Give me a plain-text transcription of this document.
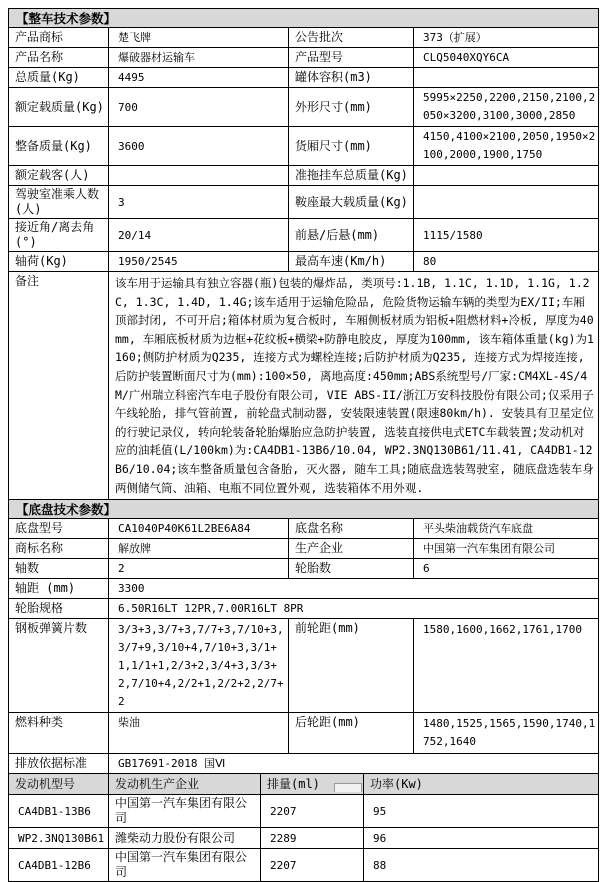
【整车技术参数】			
产品商标	楚飞牌	公告批次	373（扩展）
产品名称	爆破器材运输车	产品型号	CLQ5040XQY6CA
总质量(Kg)	4495	罐体容积(m3)	
额定载质量(Kg)	700	外形尺寸(mm)	5995×2250,2200,2150,2100,2050×3200,3100,3000,2850
整备质量(Kg)	3600	货厢尺寸(mm)	4150,4100×2100,2050,1950×2100,2000,1900,1750
额定载客(人)		准拖挂车总质量(Kg)	
驾驶室准乘人数(人)	3	鞍座最大载质量(Kg)	
接近角/离去角(°)	20/14	前悬/后悬(mm)	1115/1580
轴荷(Kg)	1950/2545	最高车速(Km/h)	80
备注	该车用于运输具有独立容器(瓶)包装的爆炸品, 类项号:1.1B, 1.1C, 1.1D, 1.1G, 1.2C, 1.3C, 1.4D, 1.4G;该车适用于运输危险品, 危险货物运输车辆的类型为EX/II;车厢顶部封闭, 不可开启;箱体材质为复合板时, 车厢侧板材质为铝板+阻燃材料+冷板, 厚度为40mm, 车厢底板材质为边框+花纹板+横梁+防静电胶皮, 厚度为100mm, 该车箱体重量(kg)为1160;侧防护材质为Q235, 连接方式为螺栓连接;后防护材质为Q235, 连接方式为焊接连接, 后防护装置断面尺寸为(mm):100×50, 离地高度:450mm;ABS系统型号/厂家:CM4XL-4S/4M/广州瑞立科密汽车电子股份有限公司, VIE ABS-II/浙江万安科技股份有限公司;仅采用子午线轮胎, 排气管前置, 前轮盘式制动器, 安装限速装置(限速80km/h). 安装具有卫星定位的行驶记录仪, 转向轮装备轮胎爆胎应急防护装置, 选装直接供电式ETC车载装置;发动机对应的油耗值(L/100km)为:CA4DB1-13B6/10.04, WP2.3NQ130B61/11.41, CA4DB1-12B6/10.04;该车整备质量包含备胎, 灭火器, 随车工具;随底盘选装驾驶室, 随底盘选装车身两侧储气筒、油箱、电瓶不同位置外观, 选装箱体不用外观.		
【底盘技术参数】			
底盘型号	CA1040P40K61L2BE6A84	底盘名称	平头柴油载货汽车底盘
商标名称	解放牌	生产企业	中国第一汽车集团有限公司
轴数	2	轮胎数	6
轴距 (mm)	3300		
轮胎规格	6.50R16LT 12PR,7.00R16LT 8PR		
钢板弹簧片数	3/3+3,3/7+3,7/7+3,7/10+3,3/7+9,3/10+4,7/10+3,3/1+1,1/1+1,2/3+2,3/4+3,3/3+2,7/10+4,2/2+1,2/2+2,2/7+2	前轮距(mm)	1580,1600,1662,1761,1700
燃料种类	柴油	后轮距(mm)	1480,1525,1565,1590,1740,1752,1640
排放依据标准	GB17691-2018 国Ⅵ		
发动机型号	发动机生产企业	排量(ml)	功率(Kw)
CA4DB1-13B6	中国第一汽车集团有限公司	2207	95
WP2.3NQ130B61	潍柴动力股份有限公司	2289	96
CA4DB1-12B6	中国第一汽车集团有限公司	2207	88
